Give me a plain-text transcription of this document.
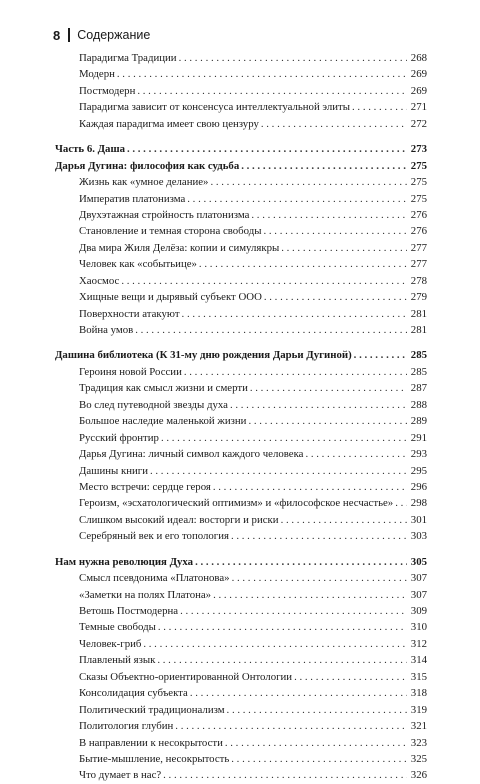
8 Содержание
Парадигма Традиции . . .	268
Модерн . . .	269
Постмодерн . . .	269
Парадигма зависит от консенсуса интеллектуальной элиты . . .	271
Каждая парадигма имеет свою цензуру . . .	272
Часть 6. Даша . . .	273
Дарья Дугина: философия как судьба . . .	275
Жизнь как «умное делание» . . .	275
Императив платонизма . . .	275
Двухэтажная стройность платонизма . . .	276
Становление и темная сторона свободы . . .	276
Два мира Жиля Делёза: копии и симулякры . . .	277
Человек как «событьице» . . .	277
Хаосмос . . .	278
Хищные вещи и дырявый субъект ООО . . .	279
Поверхности атакуют . . .	281
Война умов . . .	281
Дашина библиотека (К 31-му дню рождения Дарьи Дугиной) . . .	285
Героиня новой России . . .	285
Традиция как смысл жизни и смерти . . .	287
Во след путеводной звезды духа . . .	288
Большое наследие маленькой жизни . . .	289
Русский фронтир . . .	291
Дарья Дугина: личный символ каждого человека . . .	293
Дашины книги . . .	295
Место встречи: сердце героя . . .	296
Героизм, «эсхатологический оптимизм» и «философское несчастье» . . . 298
Слишком высокий идеал: восторги и риски . . .	301
Серебряный век и его топология . . .	303
Нам нужна революция Духа . . .	305
Смысл псевдонима «Платонова» . . .	307
«Заметки на полях Платона» . . .	307
Ветошь Постмодерна . . .	309
Темные свободы . . .	310
Человек-гриб . . .	312
Плавленый язык . . .	314
Сказы Объектно-ориентированной Онтологии . . .	315
Консолидация субъекта . . .	318
Политический традиционализм . . .	319
Политология глубин . . .	321
В направлении к несокрытости . . .	323
Бытие-мышление, несокрытость . . .	325
Что думает в нас? . . .	326
